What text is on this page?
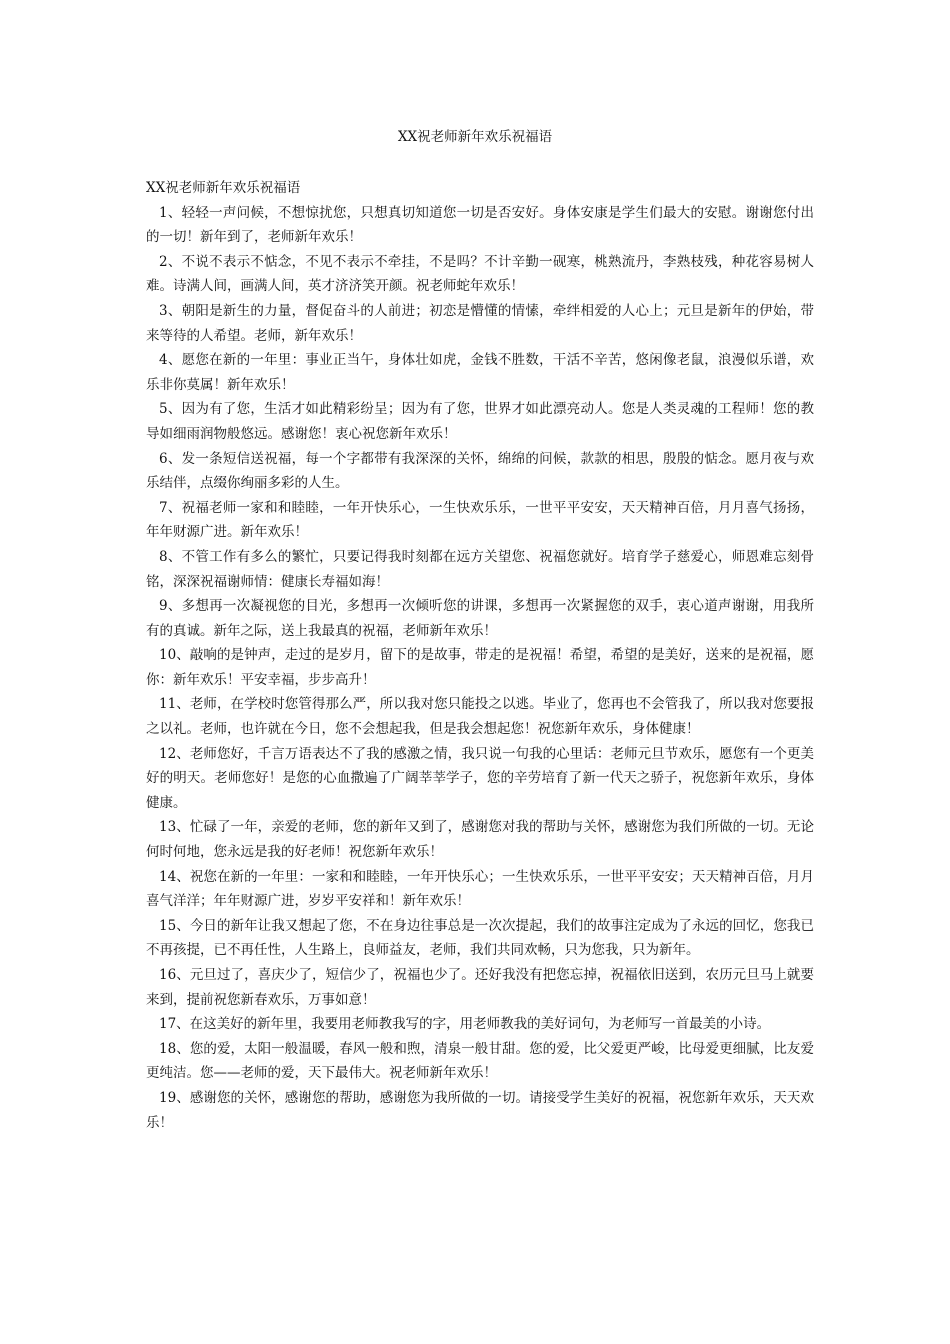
XX祝老师新年欢乐祝福语

XX祝老师新年欢乐祝福语

1、轻轻一声问候，不想惊扰您，只想真切知道您一切是否安好。身体安康是学生们最大的安慰。谢谢您付出的一切！新年到了，老师新年欢乐！

2、不说不表示不惦念，不见不表示不牵挂，不是吗？不计辛勤一砚寒，桃熟流丹，李熟枝残，种花容易树人难。诗满人间，画满人间，英才济济笑开颜。祝老师蛇年欢乐！

3、朝阳是新生的力量，督促奋斗的人前进；初恋是懵懂的情愫，牵绊相爱的人心上；元旦是新年的伊始，带来等待的人希望。老师，新年欢乐！

4、愿您在新的一年里：事业正当午，身体壮如虎，金钱不胜数，干活不辛苦，悠闲像老鼠，浪漫似乐谱，欢乐非你莫属！新年欢乐！

5、因为有了您，生活才如此精彩纷呈；因为有了您，世界才如此漂亮动人。您是人类灵魂的工程师！您的教导如细雨润物般悠远。感谢您！衷心祝您新年欢乐！

6、发一条短信送祝福，每一个字都带有我深深的关怀，绵绵的问候，款款的相思，殷殷的惦念。愿月夜与欢乐结伴，点缀你绚丽多彩的人生。

7、祝福老师一家和和睦睦，一年开快乐心，一生快欢乐乐，一世平平安安，天天精神百倍，月月喜气扬扬，年年财源广进。新年欢乐！

8、不管工作有多么的繁忙，只要记得我时刻都在远方关望您、祝福您就好。培育学子慈爱心，师恩难忘刻骨铭，深深祝福谢师情：健康长寿福如海！

9、多想再一次凝视您的目光，多想再一次倾听您的讲课，多想再一次紧握您的双手，衷心道声谢谢，用我所有的真诚。新年之际，送上我最真的祝福，老师新年欢乐！

10、敲响的是钟声，走过的是岁月，留下的是故事，带走的是祝福！希望，希望的是美好，送来的是祝福，愿你：新年欢乐！平安幸福，步步高升！

11、老师，在学校时您管得那么严，所以我对您只能投之以逃。毕业了，您再也不会管我了，所以我对您要报之以礼。老师，也许就在今日，您不会想起我，但是我会想起您！祝您新年欢乐，身体健康！

12、老师您好，千言万语表达不了我的感激之情，我只说一句我的心里话：老师元旦节欢乐，愿您有一个更美好的明天。老师您好！是您的心血撒遍了广阔莘莘学子，您的辛劳培育了新一代天之骄子，祝您新年欢乐，身体健康。

13、忙碌了一年，亲爱的老师，您的新年又到了，感谢您对我的帮助与关怀，感谢您为我们所做的一切。无论何时何地，您永远是我的好老师！祝您新年欢乐！

14、祝您在新的一年里：一家和和睦睦，一年开快乐心；一生快欢乐乐，一世平平安安；天天精神百倍，月月喜气洋洋；年年财源广进，岁岁平安祥和！新年欢乐！

15、今日的新年让我又想起了您，不在身边往事总是一次次提起，我们的故事注定成为了永远的回忆，您我已不再孩提，已不再任性，人生路上，良师益友，老师，我们共同欢畅，只为您我，只为新年。

16、元旦过了，喜庆少了，短信少了，祝福也少了。还好我没有把您忘掉，祝福依旧送到，农历元旦马上就要来到，提前祝您新春欢乐，万事如意！

17、在这美好的新年里，我要用老师教我写的字，用老师教我的美好词句，为老师写一首最美的小诗。

18、您的爱，太阳一般温暖，春风一般和煦，清泉一般甘甜。您的爱，比父爱更严峻，比母爱更细腻，比友爱更纯洁。您——老师的爱，天下最伟大。祝老师新年欢乐！

19、感谢您的关怀，感谢您的帮助，感谢您为我所做的一切。请接受学生美好的祝福，祝您新年欢乐，天天欢乐！
